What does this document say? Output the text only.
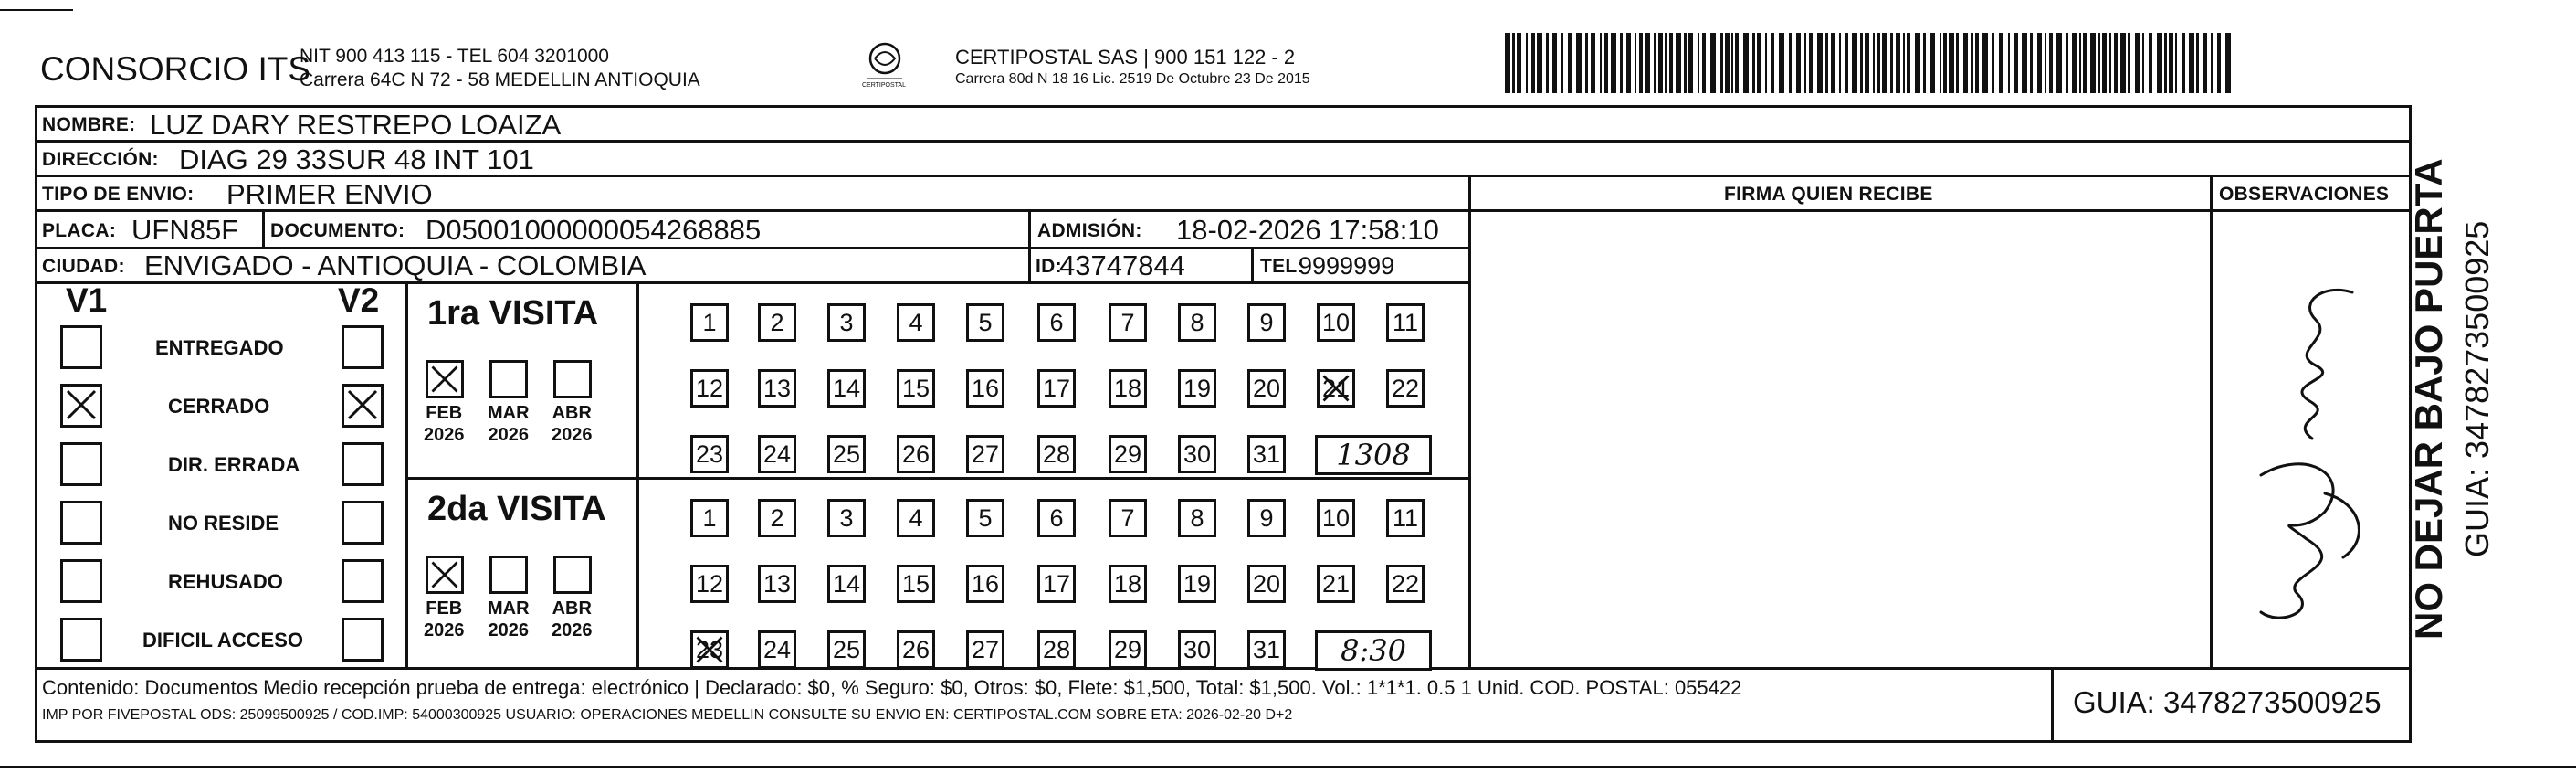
CONSORCIO ITS
NIT 900 413 115 - TEL 604 3201000
Carrera 64C N 72 - 58 MEDELLIN ANTIOQUIA	CERTIPOSTAL
CERTIPOSTAL SAS | 900 151 122 - 2
Carrera 80d N 18 16 Lic. 2519 De Octubre 23 De 2015
NOMBRE: LUZ DARY RESTREPO LOAIZA
DIRECCIÓN: DIAG 29 33SUR 48 INT 101
TIPO DE ENVIO: PRIMER ENVIO	FIRMA QUIEN RECIBE	OBSERVACIONES
PLACA: UFN85F DOCUMENTO: D05001000000054268885	ADMISIÓN: 18-02-2026 17:58:10
CIUDAD: ENVIGADO - ANTIOQUIA - COLOMBIA	ID:
43747844	TEL:
9999999
V1	V2
ENTREGADO
CERRADO
DIR. ERRADA
NO RESIDE
REHUSADO
DIFICIL ACCESO
1ra VISITA
FEB
2026
MAR
2026
ABR
2026
1 2 3 4 5 6 7 8 9 10 11
12 13 14 15 16 17 18 19 20 21 22
23 24 25 26 27 28 29 30 31	1308
2da VISITA
FEB
2026
MAR
2026
ABR
2026
1 2 3 4 5 6 7 8 9 10 11
12 13 14 15 16 17 18 19 20 21 22
23 24 25 26 27 28 29 30 31	8:30
NO DEJAR BAJO PUERTA GUIA: 3478273500925
Contenido: Documentos Medio recepción prueba de entrega: electrónico | Declarado: $0, % Seguro: $0, Otros: $0, Flete: $1,500, Total: $1,500. Vol.: 1*1*1. 0.5 1 Unid. COD. POSTAL: 055422
IMP POR FIVEPOSTAL ODS: 25099500925 / COD.IMP: 54000300925 USUARIO: OPERACIONES MEDELLIN CONSULTE SU ENVIO EN: CERTIPOSTAL.COM SOBRE ETA: 2026-02-20 D+2	GUIA: 3478273500925
